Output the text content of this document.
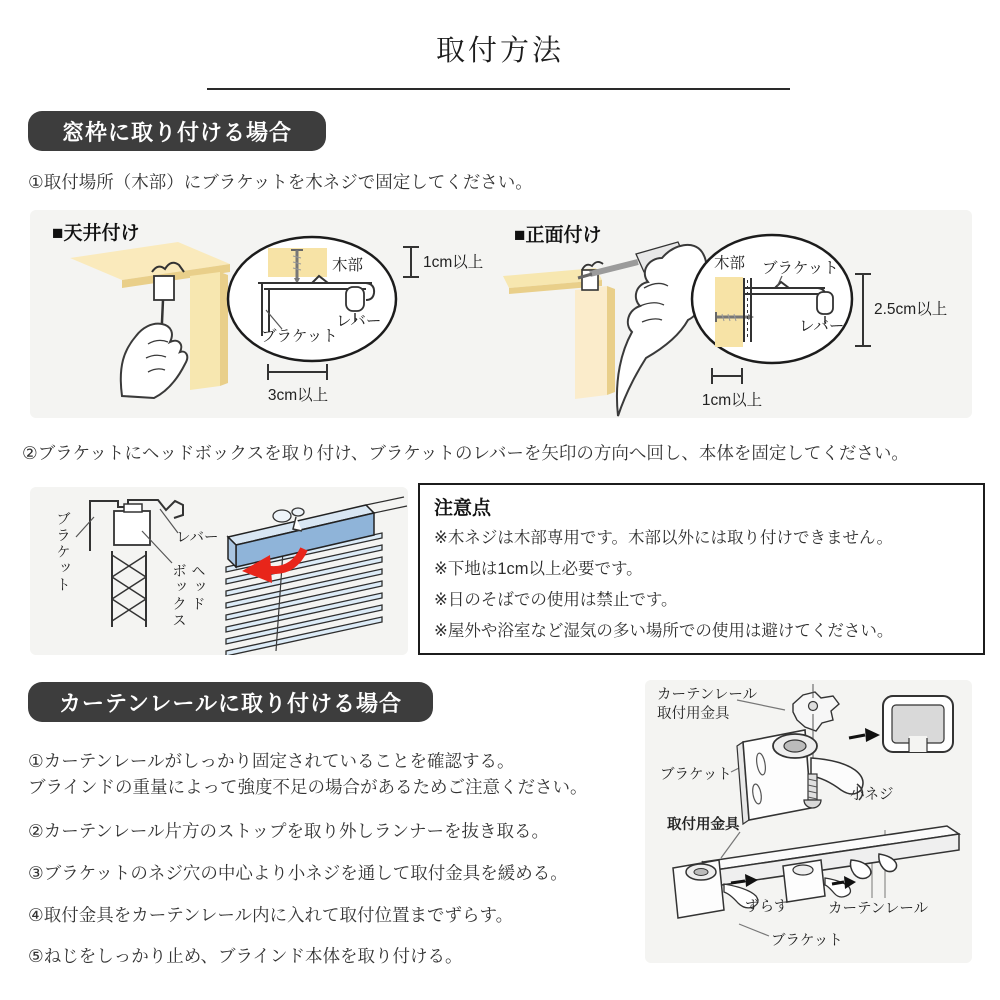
取付方法
窓枠に取り付ける場合

①取付場所（木部）にブラケットを木ネジで固定してください。

■天井付け	■正面付け
木部
レバー
ブラケット
1cm以上
3cm以上
木部 ブラケット
レバー
2.5cm以上
1cm以上

②ブラケットにヘッドボックスを取り付け、ブラケットのレバーを矢印の方向へ回し、本体を固定してください。

ブラケット	レバー
ヘッド
ボックス
注意点
※木ネジは木部専用です。木部以外には取り付けできません。
※下地は1cm以上必要です。
※日のそばでの使用は禁止です。
※屋外や浴室など湿気の多い場所での使用は避けてください。
カーテンレールに取り付ける場合

①カーテンレールがしっかり固定されていることを確認する。

ブラインドの重量によって強度不足の場合があるためご注意ください。

②カーテンレール片方のストップを取り外しランナーを抜き取る。

③ブラケットのネジ穴の中心より小ネジを通して取付金具を緩める。

④取付金具をカーテンレール内に入れて取付位置までずらす。

⑤ねじをしっかり止め、ブラインド本体を取り付ける。

カーテンレール
取付用金具
ブラケット
小ネジ
取付用金具
ずらす	カーテンレール
ブラケット
